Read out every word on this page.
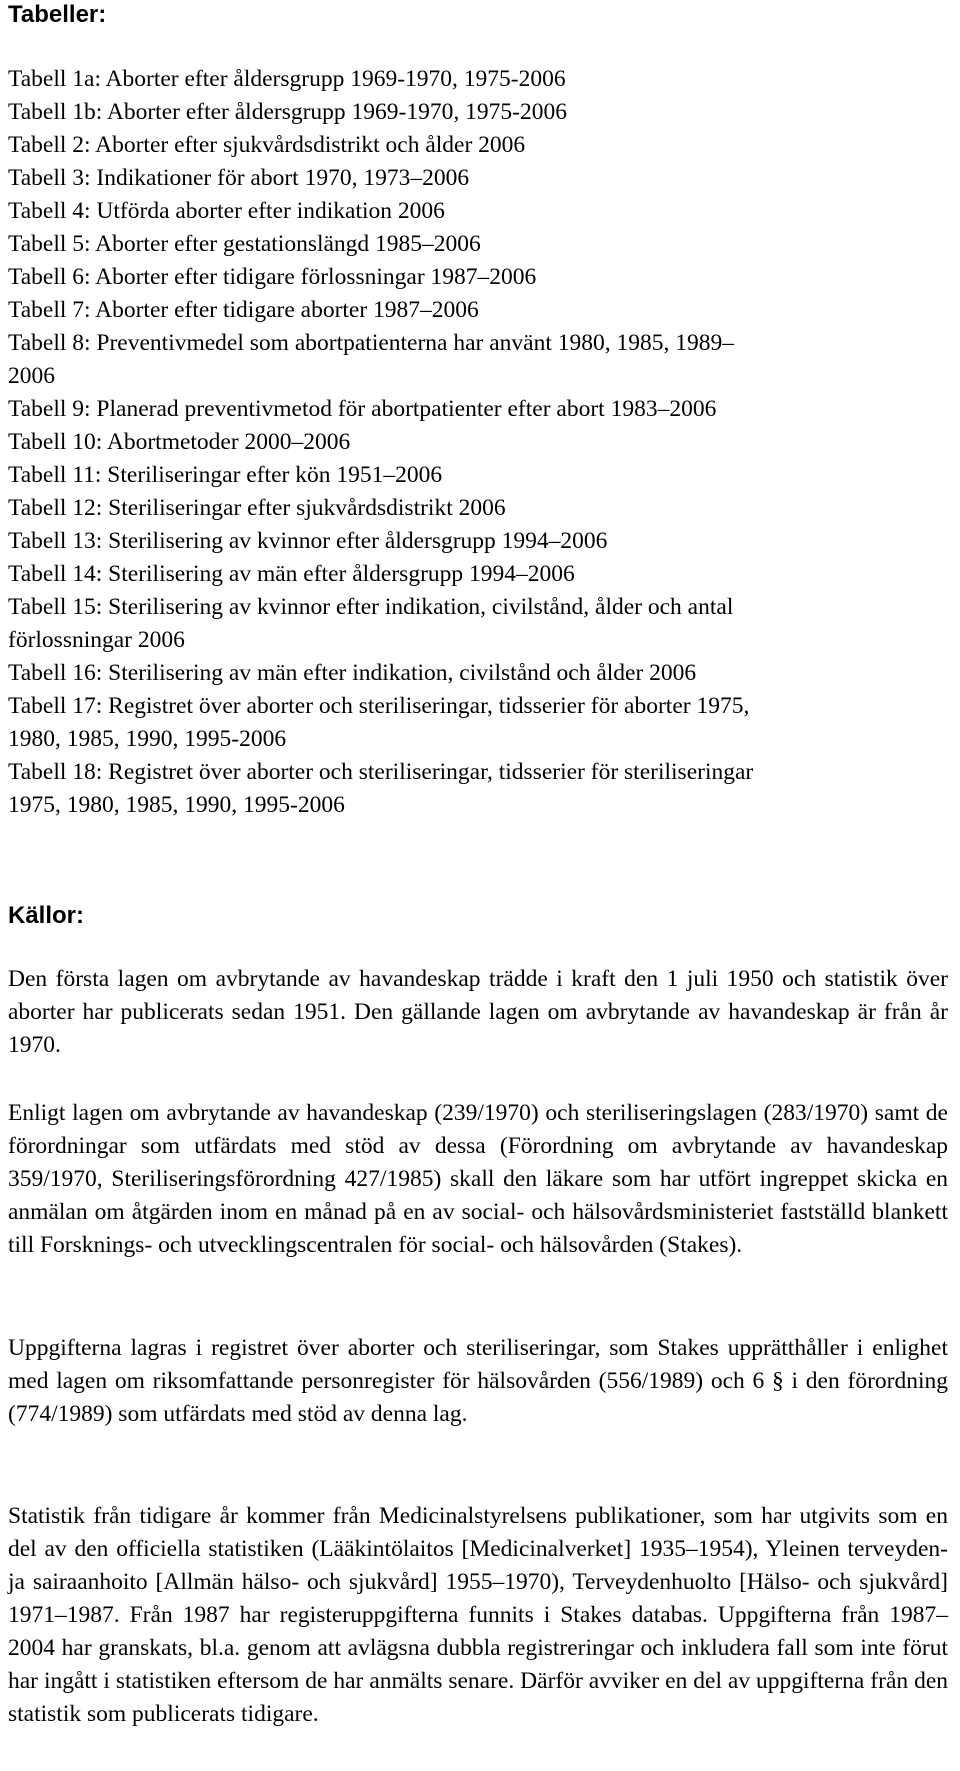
Tabeller:
Tabell 1a: Aborter efter åldersgrupp 1969-1970, 1975-2006
Tabell 1b: Aborter efter åldersgrupp 1969-1970, 1975-2006
Tabell 2: Aborter efter sjukvårdsdistrikt och ålder 2006
Tabell 3: Indikationer för abort 1970, 1973–2006
Tabell 4: Utförda aborter efter indikation 2006
Tabell 5: Aborter efter gestationslängd 1985–2006
Tabell 6: Aborter efter tidigare förlossningar 1987–2006
Tabell 7: Aborter efter tidigare aborter 1987–2006
Tabell 8: Preventivmedel som abortpatienterna har använt 1980, 1985, 1989–
2006
Tabell 9: Planerad preventivmetod för abortpatienter efter abort 1983–2006
Tabell 10: Abortmetoder 2000–2006
Tabell 11: Steriliseringar efter kön 1951–2006
Tabell 12: Steriliseringar efter sjukvårdsdistrikt 2006
Tabell 13: Sterilisering av kvinnor efter åldersgrupp 1994–2006
Tabell 14: Sterilisering av män efter åldersgrupp 1994–2006
Tabell 15: Sterilisering av kvinnor efter indikation, civilstånd, ålder och antal
förlossningar 2006
Tabell 16: Sterilisering av män efter indikation, civilstånd och ålder 2006
Tabell 17: Registret över aborter och steriliseringar, tidsserier för aborter 1975,
1980, 1985, 1990, 1995-2006
Tabell 18: Registret över aborter och steriliseringar, tidsserier för steriliseringar
1975, 1980, 1985, 1990, 1995-2006
Källor:

Den första lagen om avbrytande av havandeskap trädde i kraft den 1 juli 1950 och statistik över aborter har publicerats sedan 1951. Den gällande lagen om avbrytande av havandeskap är från år 1970.

Enligt lagen om avbrytande av havandeskap (239/1970) och steriliseringslagen (283/1970) samt de förordningar som utfärdats med stöd av dessa (Förordning om avbrytande av havandeskap 359/1970, Steriliseringsförordning 427/1985) skall den läkare som har utfört ingreppet skicka en anmälan om åtgärden inom en månad på en av social- och hälsovårdsministeriet fastställd blankett till Forsknings- och utvecklingscentralen för social- och hälsovården (Stakes).

Uppgifterna lagras i registret över aborter och steriliseringar, som Stakes upprätthåller i enlighet med lagen om riksomfattande personregister för hälsovården (556/1989) och 6 § i den förordning (774/1989) som utfärdats med stöd av denna lag.

Statistik från tidigare år kommer från Medicinalstyrelsens publikationer, som har utgivits som en del av den officiella statistiken (Lääkintölaitos [Medicinalverket] 1935–1954), Yleinen terveyden- ja sairaanhoito [Allmän hälso- och sjukvård] 1955–1970), Terveydenhuolto [Hälso- och sjukvård] 1971–1987. Från 1987 har registeruppgifterna funnits i Stakes databas. Uppgifterna från 1987–2004 har granskats, bl.a. genom att avlägsna dubbla registreringar och inkludera fall som inte förut har ingått i statistiken eftersom de har anmälts senare. Därför avviker en del av uppgifterna från den statistik som publicerats tidigare.
